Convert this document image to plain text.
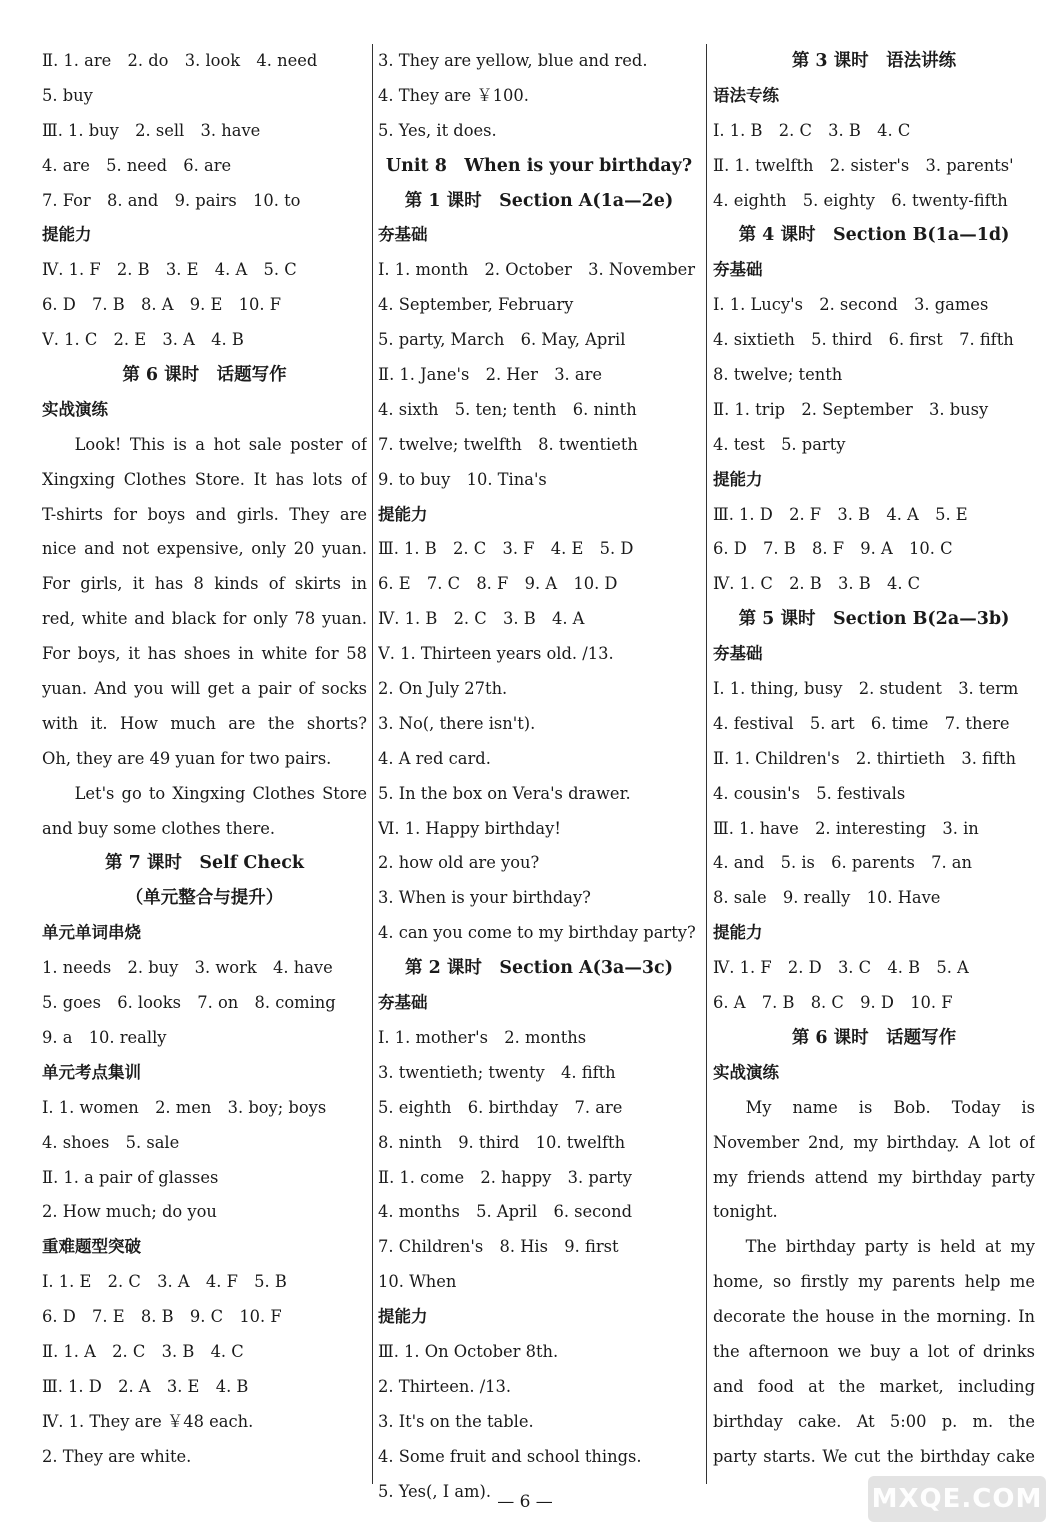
Ⅱ. 1. are　2. do　3. look　4. need
5. buy
Ⅲ. 1. buy　2. sell　3. have
4. are　5. need　6. are
7. For　8. and　9. pairs　10. to
提能力
Ⅳ. 1. F　2. B　3. E　4. A　5. C
6. D　7. B　8. A　9. E　10. F
Ⅴ. 1. C　2. E　3. A　4. B
第 6 课时　话题写作
实战演练
Look! This is a hot sale poster of
Xingxing Clothes Store. It has lots of
T-shirts for boys and girls. They are
nice and not expensive, only 20 yuan.
For girls, it has 8 kinds of skirts in
red, white and black for only 78 yuan.
For boys, it has shoes in white for 58
yuan. And you will get a pair of socks
with it. How much are the shorts?
Oh, they are 49 yuan for two pairs.
Let's go to Xingxing Clothes Store
and buy some clothes there.
第 7 课时　Self Check
（单元整合与提升）
单元单词串烧
1. needs　2. buy　3. work　4. have
5. goes　6. looks　7. on　8. coming
9. a　10. really
单元考点集训
Ⅰ. 1. women　2. men　3. boy; boys
4. shoes　5. sale
Ⅱ. 1. a pair of glasses
2. How much; do you
重难题型突破
Ⅰ. 1. E　2. C　3. A　4. F　5. B
6. D　7. E　8. B　9. C　10. F
Ⅱ. 1. A　2. C　3. B　4. C
Ⅲ. 1. D　2. A　3. E　4. B
Ⅳ. 1. They are ￥48 each.
2. They are white.
3. They are yellow, blue and red.
4. They are ￥100.
5. Yes, it does.
Unit 8　When is your birthday?
第 1 课时　Section A(1a—2e)
夯基础
Ⅰ. 1. month　2. October　3. November
4. September, February
5. party, March　6. May, April
Ⅱ. 1. Jane's　2. Her　3. are
4. sixth　5. ten; tenth　6. ninth
7. twelve; twelfth　8. twentieth
9. to buy　10. Tina's
提能力
Ⅲ. 1. B　2. C　3. F　4. E　5. D
6. E　7. C　8. F　9. A　10. D
Ⅳ. 1. B　2. C　3. B　4. A
Ⅴ. 1. Thirteen years old. /13.
2. On July 27th.
3. No(, there isn't).
4. A red card.
5. In the box on Vera's drawer.
Ⅵ. 1. Happy birthday!
2. how old are you?
3. When is your birthday?
4. can you come to my birthday party?
第 2 课时　Section A(3a—3c)
夯基础
Ⅰ. 1. mother's　2. months
3. twentieth; twenty　4. fifth
5. eighth　6. birthday　7. are
8. ninth　9. third　10. twelfth
Ⅱ. 1. come　2. happy　3. party
4. months　5. April　6. second
7. Children's　8. His　9. first
10. When
提能力
Ⅲ. 1. On October 8th.
2. Thirteen. /13.
3. It's on the table.
4. Some fruit and school things.
5. Yes(, I am).
第 3 课时　语法讲练
语法专练
Ⅰ. 1. B　2. C　3. B　4. C
Ⅱ. 1. twelfth　2. sister's　3. parents'
4. eighth　5. eighty　6. twenty-fifth
第 4 课时　Section B(1a—1d)
夯基础
Ⅰ. 1. Lucy's　2. second　3. games
4. sixtieth　5. third　6. first　7. fifth
8. twelve; tenth
Ⅱ. 1. trip　2. September　3. busy
4. test　5. party
提能力
Ⅲ. 1. D　2. F　3. B　4. A　5. E
6. D　7. B　8. F　9. A　10. C
Ⅳ. 1. C　2. B　3. B　4. C
第 5 课时　Section B(2a—3b)
夯基础
Ⅰ. 1. thing, busy　2. student　3. term
4. festival　5. art　6. time　7. there
Ⅱ. 1. Children's　2. thirtieth　3. fifth
4. cousin's　5. festivals
Ⅲ. 1. have　2. interesting　3. in
4. and　5. is　6. parents　7. an
8. sale　9. really　10. Have
提能力
Ⅳ. 1. F　2. D　3. C　4. B　5. A
6. A　7. B　8. C　9. D　10. F
第 6 课时　话题写作
实战演练
My name is Bob. Today is
November 2nd, my birthday. A lot of
my friends attend my birthday party
tonight.
The birthday party is held at my
home, so firstly my parents help me
decorate the house in the morning. In
the afternoon we buy a lot of drinks
and food at the market, including
birthday cake. At 5:00 p. m. the
party starts. We cut the birthday cake
— 6 —	MXQE.COM
